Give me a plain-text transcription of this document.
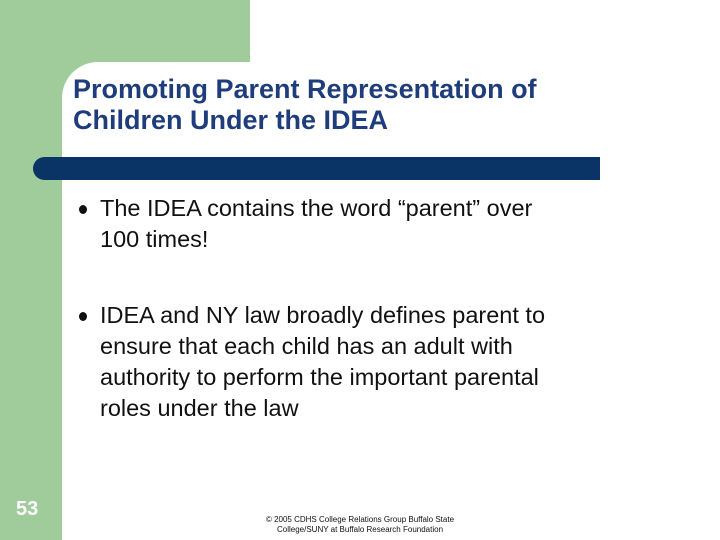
Promoting Parent Representation of
Children Under the IDEA
The IDEA contains the word “parent” over
100 times!
IDEA and NY law broadly defines parent to
ensure that each child has an adult with
authority to perform the important parental
roles under the law
53	© 2005 CDHS College Relations Group Buffalo State
College/SUNY at Buffalo Research Foundation
